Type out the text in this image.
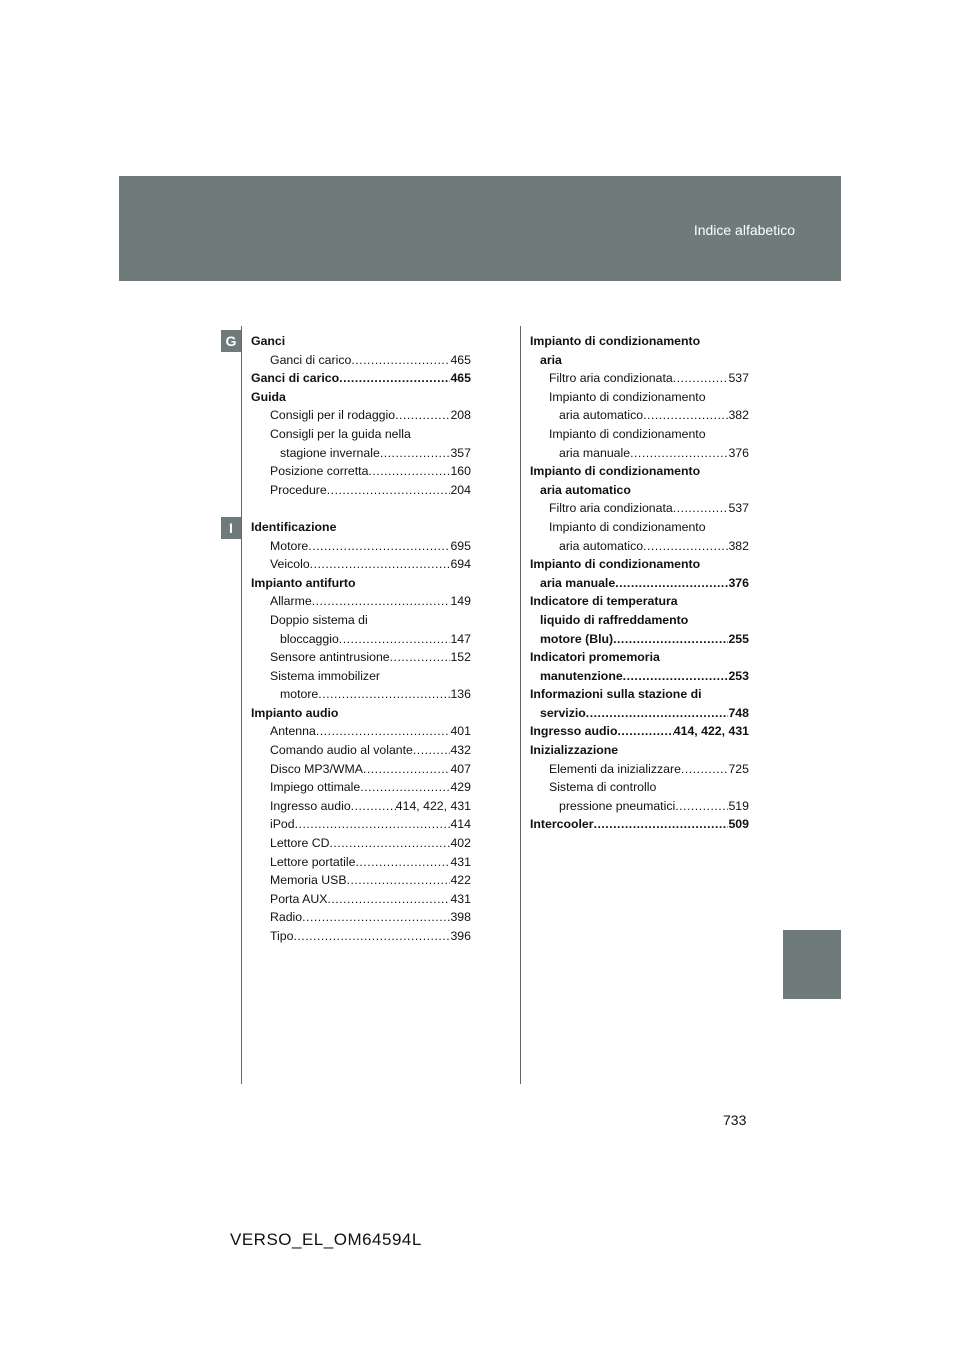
Indice alfabetico
G
I
Ganci
Ganci di carico .....	465
Ganci di carico .....	465
Guida
Consigli per il rodaggio .....	208
Consigli per la guida nella
stagione invernale .....	357
Posizione corretta .....	160
Procedure .....	204
Identificazione
Motore .....	695
Veicolo .....	694
Impianto antifurto
Allarme .....	149
Doppio sistema di
bloccaggio .....	147
Sensore antintrusione .....	152
Sistema immobilizer
motore .....	136
Impianto audio
Antenna .....	401
Comando audio al volante .....	432
Disco MP3/WMA .....	407
Impiego ottimale .....	429
Ingresso audio .....	414, 422, 431
iPod .....	414
Lettore CD .....	402
Lettore portatile .....	431
Memoria USB .....	422
Porta AUX .....	431
Radio .....	398
Tipo .....	396
Impianto di condizionamento
aria
Filtro aria condizionata .....	537
Impianto di condizionamento
aria automatico .....	382
Impianto di condizionamento
aria manuale .....	376
Impianto di condizionamento
aria automatico
Filtro aria condizionata .....	537
Impianto di condizionamento
aria automatico .....	382
Impianto di condizionamento
aria manuale .....	376
Indicatore di temperatura
liquido di raffreddamento
motore (Blu) .....	255
Indicatori promemoria
manutenzione .....	253
Informazioni sulla stazione di
servizio .....	748
Ingresso audio .....	414, 422, 431
Inizializzazione
Elementi da inizializzare .....	725
Sistema di controllo
pressione pneumatici .....	519
Intercooler .....	509
733
VERSO_EL_OM64594L
